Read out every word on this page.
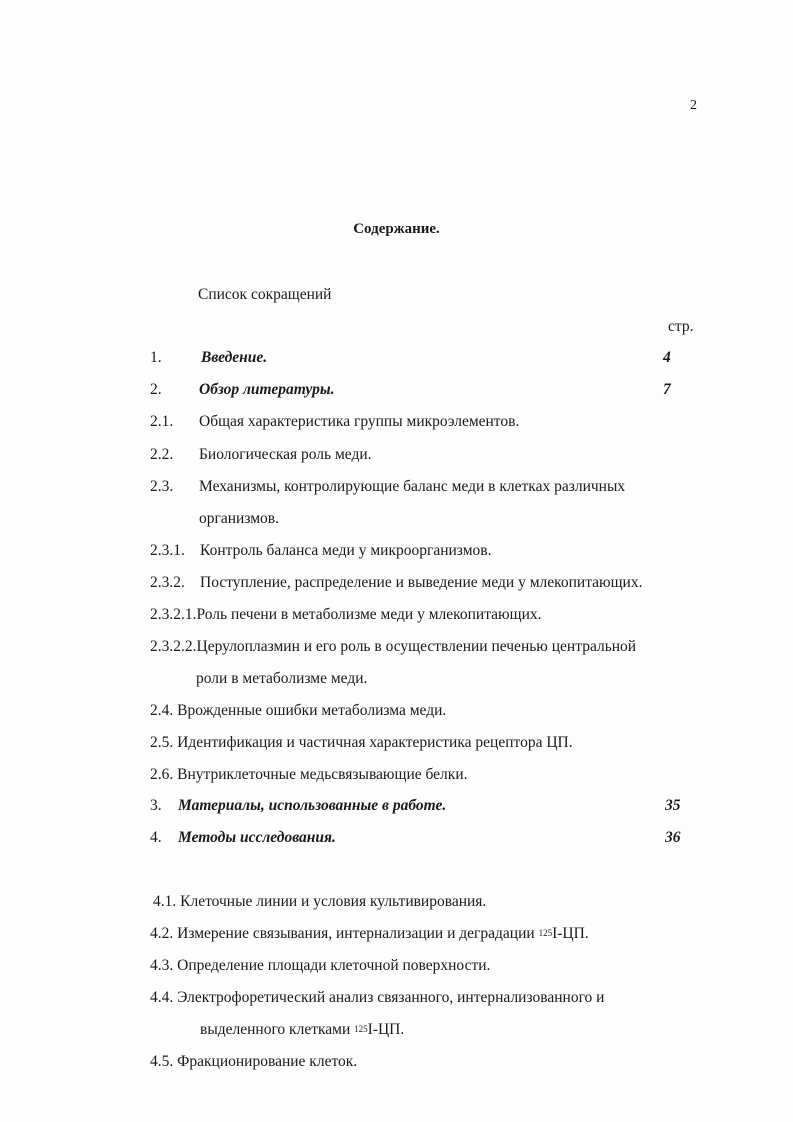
2
Содержание.
Список сокращений
стр.
1.	Введение.	4
2. Обзор литературы.	7
2.1. Общая характеристика группы микроэлементов.
2.2. Биологическая роль меди.
2.3. Механизмы, контролирующие баланс меди в клетках различных
организмов.
2.3.1. Контроль баланса меди у микроорганизмов.
2.3.2. Поступление, распределение и выведение меди у млекопитающих.
2.3.2.1.Роль печени в метаболизме меди у млекопитающих.
2.3.2.2.Церулоплазмин и его роль в осуществлении печенью центральной
роли в метаболизме меди.
2.4. Врожденные ошибки метаболизма меди.
2.5. Идентификация и частичная характеристика рецептора ЦП.
2.6. Внутриклеточные медьсвязывающие белки.
3. Материалы, использованные в работе.	35
4. Методы исследования.	36
4.1. Клеточные линии и условия культивирования.
4.2. Измерение связывания, интернализации и деградации $^{125}$I-ЦП.
4.3. Определение площади клеточной поверхности.
4.4. Электрофоретический анализ связанного, интернализованного и
выделенного клетками $^{125}$I-ЦП.
4.5. Фракционирование клеток.
